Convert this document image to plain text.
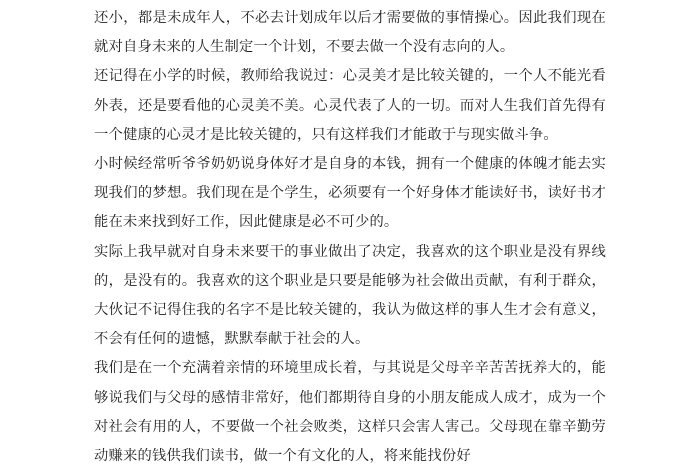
还小，都是未成年人，不必去计划成年以后才需要做的事情操心。因此我们现在就对自身未来的人生制定一个计划，不要去做一个没有志向的人。

还记得在小学的时候，教师给我说过：心灵美才是比较关键的，一个人不能光看外表，还是要看他的心灵美不美。心灵代表了人的一切。而对人生我们首先得有一个健康的心灵才是比较关键的，只有这样我们才能敢于与现实做斗争。

小时候经常听爷爷奶奶说身体好才是自身的本钱，拥有一个健康的体魄才能去实现我们的梦想。我们现在是个学生，必须要有一个好身体才能读好书，读好书才能在未来找到好工作，因此健康是必不可少的。

实际上我早就对自身未来要干的事业做出了决定，我喜欢的这个职业是没有界线的，是没有的。我喜欢的这个职业是只要是能够为社会做出贡献，有利于群众，大伙记不记得住我的名字不是比较关键的，我认为做这样的事人生才会有意义，不会有任何的遗憾，默默奉献于社会的人。

我们是在一个充满着亲情的环境里成长着，与其说是父母辛辛苦苦抚养大的，能够说我们与父母的感情非常好，他们都期待自身的小朋友能成人成才，成为一个对社会有用的人，不要做一个社会败类，这样只会害人害己。父母现在靠辛勤劳动赚来的钱供我们读书，做一个有文化的人，将来能找份好
